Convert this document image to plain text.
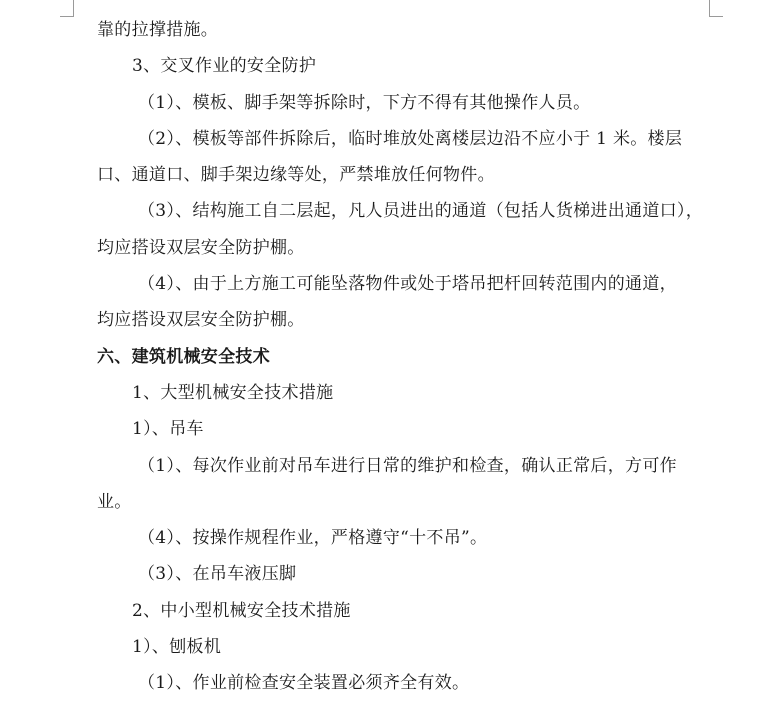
靠的拉撑措施。
3、交叉作业的安全防护
（1）、模板、脚手架等拆除时，下方不得有其他操作人员。
（2）、模板等部件拆除后，临时堆放处离楼层边沿不应小于 1 米。楼层
口、通道口、脚手架边缘等处，严禁堆放任何物件。
（3）、结构施工自二层起，凡人员进出的通道（包括人货梯进出通道口），
均应搭设双层安全防护棚。
（4）、由于上方施工可能坠落物件或处于塔吊把杆回转范围内的通道，
均应搭设双层安全防护棚。
六、建筑机械安全技术
1、大型机械安全技术措施
1）、吊车
（1）、每次作业前对吊车进行日常的维护和检查，确认正常后，方可作
业。
（4）、按操作规程作业，严格遵守“十不吊”。
（3）、在吊车液压脚
2、中小型机械安全技术措施
1）、刨板机
（1）、作业前检查安全装置必须齐全有效。
